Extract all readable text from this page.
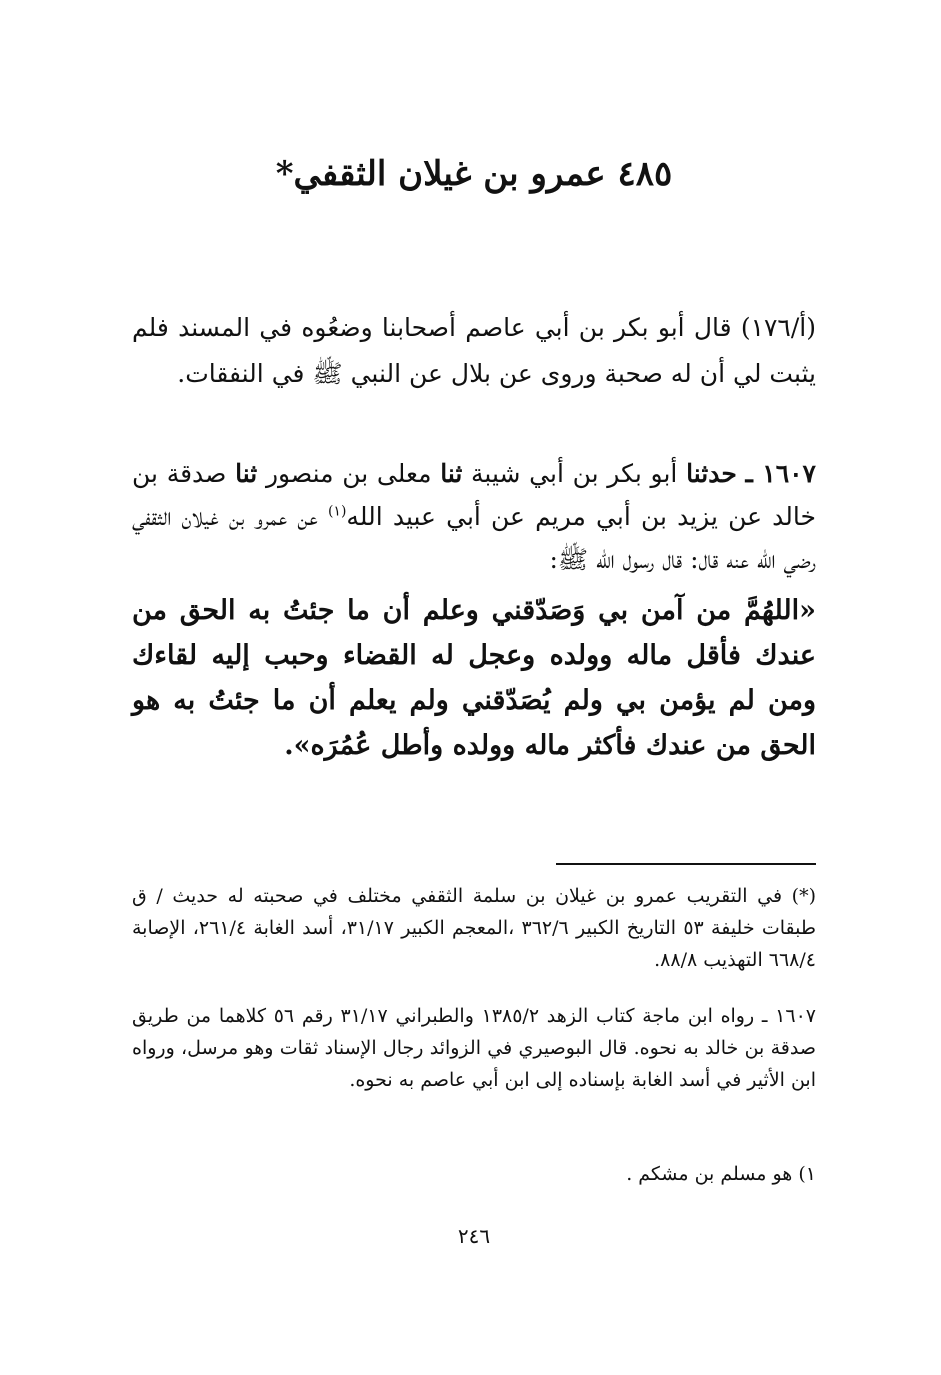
٤٨٥ عمرو بن غيلان الثقفي*
(أ/١٧٦) قال أبو بكر بن أبي عاصم أصحابنا وضعُوه في المسند فلم يثبت لي أن له صحبة وروى عن بلال عن النبي ﷺ في النفقات.
١٦٠٧ ـ حدثنا أبو بكر بن أبي شيبة ثنا معلى بن منصور ثنا صدقة بن خالد عن يزيد بن أبي مريم عن أبي عبيد الله$^{(١)}$ عن عمرو بن غيلان الثقفي رضي الله عنه قال: قال رسول الله ﷺ:
«اللهُمَّ من آمن بي وَصَدّقني وعلم أن ما جئتُ به الحق من عندك فأقل ماله وولده وعجل له القضاء وحبب إليه لقاءك ومن لم يؤمن بي ولم يُصَدّقني ولم يعلم أن ما جئتُ به هو الحق من عندك فأكثر ماله وولده وأطل عُمُرَه».
(*) في التقريب عمرو بن غيلان بن سلمة الثقفي مختلف في صحبته له حديث / ق طبقات خليفة ٥٣ التاريخ الكبير ٣٦٢/٦ ،المعجم الكبير ٣١/١٧، أسد الغابة ٢٦١/٤، الإصابة ٦٦٨/٤ التهذيب ٨٨/٨.
١٦٠٧ ـ رواه ابن ماجة كتاب الزهد ١٣٨٥/٢ والطبراني ٣١/١٧ رقم ٥٦ كلاهما من طريق صدقة بن خالد به نحوه. قال البوصيري في الزوائد رجال الإسناد ثقات وهو مرسل، ورواه ابن الأثير في أسد الغابة بإسناده إلى ابن أبي عاصم به نحوه.
١) هو مسلم بن مشكم .
٢٤٦
